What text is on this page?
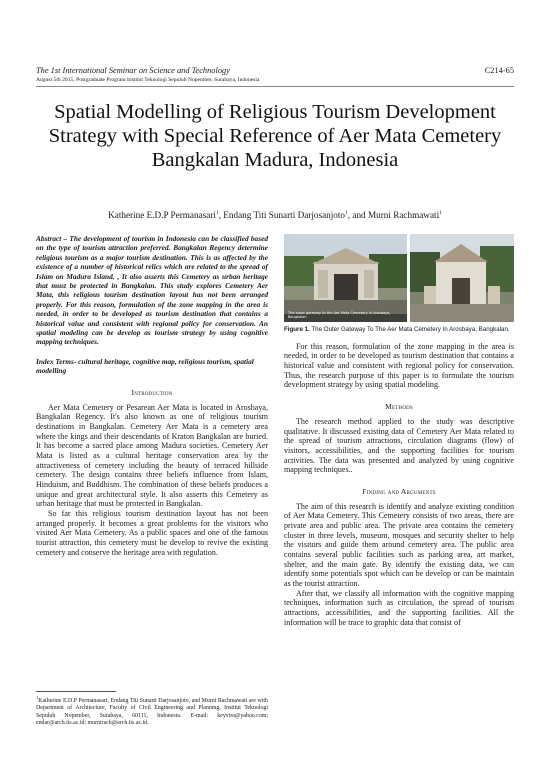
The 1st International Seminar on Science and Technology
August 5th 2015, Postgraduate Program Institut Teknologi Sepuluh Nopember, Surabaya, Indonesia
C214-65
Spatial Modelling of Religious Tourism Development Strategy with Special Reference of Aer Mata Cemetery Bangkalan Madura, Indonesia
Katherine E.D.P Permanasari$^1$, Endang Titi Sunarti Darjosanjoto$^1$, and Murni Rachmawati$^1$
Abstract – The development of tourism in Indonesia can be classified based on the type of tourism attraction preferred. Bangkalan Regency determine religious tourism as a major tourism destination. This is as affected by the existence of a number of historical relics which are related to the spread of Islam on Madura Island. , It also asserts this Cemetery as urban heritage that must be protected in Bangkalan. This study explores Cemetery Aer Mata, this religious tourism destination layout has not been arranged properly. For this reason, formulation of the zone mapping in the area is needed, in order to be developed as tourism destination that contains a historical value and consistent with regional policy for conservation. An spatial modeling can be develop as tourism strategy by using cognitive mapping techniques.
Index Terms- cultural heritage, cognitive map, religious tourism, spatial modelling
Introduction

Aer Mata Cemetery or Pesarean Aer Mata is located in Arosbaya, Bangkalan Regency. It's also known as one of religious tourism destinations in Bangkalan. Cemetery Aer Mata is a cemetery area where the kings and their descendants of Kraton Bangkalan are buried. It has become a sacred place among Madura societies. Cemetery Aer Mata is listed as a cultural heritage conservation area by the attractiveness of cemetery including the beauty of terraced hillside cemetery. The design contains three beliefs influence from Islam, Hinduism, and Buddhism. The combination of these beliefs produces a unique and great architectural style. It also asserts this Cemetery as urban heritage that must be protected in Bangkalan.

So far this religious tourism destination layout has not been arranged properly. It becomes a great problems for the visitors who visited Aer Mata Cemetery. As a public spaces and one of the famous tourist attraction, this cemetery must be develop to revive the existing cemetery and conserve the heritage area with regulation.

$^1$Katherine E.D.P Permanasari, Endang Titi Sunarti Darjosanjoto, and Murni Rachmawati are with Department of Architecture, Faculty of Civil Engineering and Planning, Institut Teknologi Sepuluh Nopember, Surabaya, 60111, Indonesia. E-mail: keyvira@yahoo.com; endar@arch.its.ac.id; murnirach@arch.its.ac.id.
The outer gateway to the Aer Mata Cemetery in Arosbaya, Bangkalan
Figure 1. The Outer Gateway To The Aer Mata Cemetery In Arosbaya, Bangkalan.

For this reason, formulation of the zone mapping in the area is needed, in order to be developed as tourism destination that contains a historical value and consistent with regional policy for conservation. Thus, the research purpose of this paper is to formulate the tourism development strategy by using spatial modeling.

Methods

The research method applied to the study was descriptive qualitative. It discussed existing data of Cemetery Aer Mata related to the spread of tourism attractions, circulation diagrams (flow) of visitors, accessibilities, and the supporting facilities for tourism activities. The data was presented and analyzed by using cognitive mapping techniques..

Finding and Arguments

The aim of this research is identify and analyze existing condition of Aer Mata Cemetery. This Cemetery consists of two areas, there are private area and public area. The private area contains the cemetery cluster in three levels, museum, mosques and security shelter to help the visitors and guide them around cemetery area. The public area contains several public facilities such as parking area, art market, shelter, and the main gate. By identify the existing data, we can identify some potentials spot which can be develop or can be maintain as the tourist attraction.

After that, we classify all information with the cognitive mapping techniques, information such as circulation, the spread of tourism attractions, accessibilities, and the supporting facilities. All the information will be trace to graphic data that consist of
